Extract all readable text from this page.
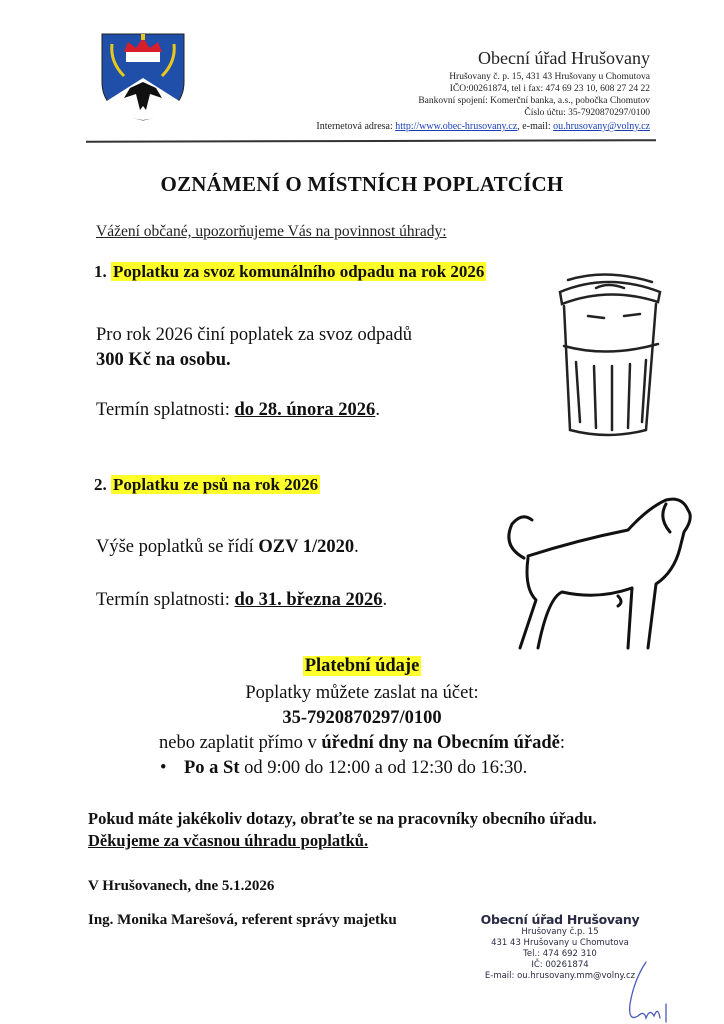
Obecní úřad Hrušovany
Hrušovany č. p. 15, 431 43 Hrušovany u Chomutova
IČO:00261874, tel i fax: 474 69 23 10, 608 27 24 22
Bankovní spojení: Komerční banka, a.s., pobočka Chomutov
Číslo účtu: 35-7920870297/0100
Internetová adresa: http://www.obec-hrusovany.cz, e-mail: ou.hrusovany@volny.cz
OZNÁMENÍ O MÍSTNÍCH POPLATCÍCH
Vážení občané, upozorňujeme Vás na povinnost úhrady:
1. Poplatku za svoz komunálního odpadu na rok 2026
Pro rok 2026 činí poplatek za svoz odpadů
300 Kč na osobu.
Termín splatnosti: do 28. února 2026.
2. Poplatku ze psů na rok 2026
Výše poplatků se řídí OZV 1/2020.
Termín splatnosti: do 31. března 2026.
Platební údaje
Poplatky můžete zaslat na účet:
35-7920870297/0100
nebo zaplatit přímo v úřední dny na Obecním úřadě:
• Po a St od 9:00 do 12:00 a od 12:30 do 16:30.
Pokud máte jakékoliv dotazy, obraťte se na pracovníky obecního úřadu. Děkujeme za včasnou úhradu poplatků.
V Hrušovanech, dne 5.1.2026
Ing. Monika Marešová, referent správy majetku	Obecní úřad Hrušovany
Hrušovany č.p. 15
431 43 Hrušovany u Chomutova
Tel.: 474 692 310
IČ: 00261874
E-mail: ou.hrusovany.mm@volny.cz
